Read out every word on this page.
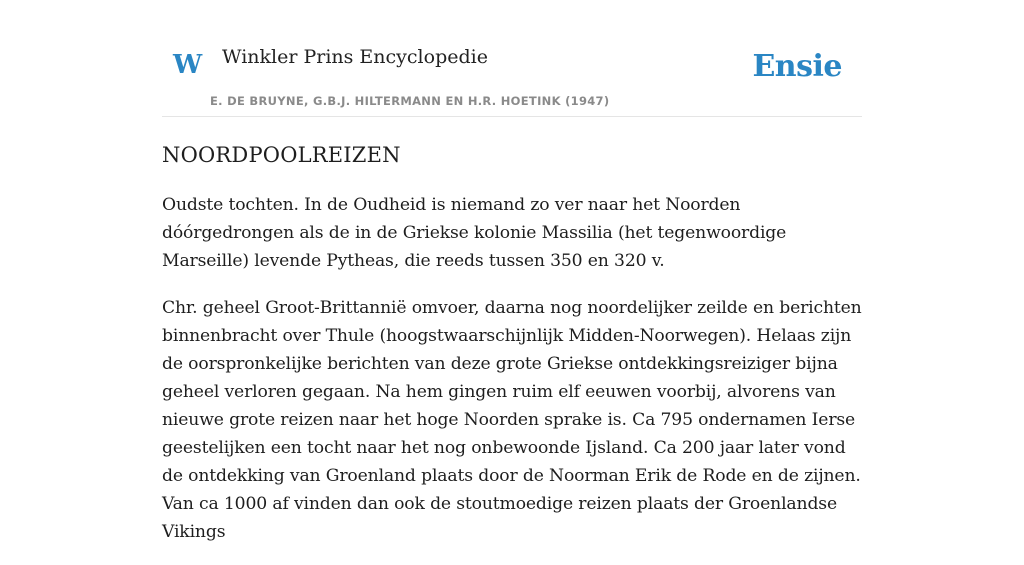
W Winkler Prins Encyclopedie
E. DE BRUYNE, G.B.J. HILTERMANN EN H.R. HOETINK (1947)
Ensie
NOORDPOOLREIZEN

Oudste tochten. In de Oudheid is niemand zo ver naar het Noorden dóórgedrongen als de in de Griekse kolonie Massilia (het tegenwoordige Marseille) levende Pytheas, die reeds tussen 350 en 320 v.

Chr. geheel Groot-Brittannië omvoer, daarna nog noordelijker zeilde en berichten binnenbracht over Thule (hoogstwaarschijnlijk Midden-Noorwegen). Helaas zijn de oorspronkelijke berichten van deze grote Griekse ontdekkingsreiziger bijna geheel verloren gegaan. Na hem gingen ruim elf eeuwen voorbij, alvorens van nieuwe grote reizen naar het hoge Noorden sprake is. Ca 795 ondernamen Ierse geestelijken een tocht naar het nog onbewoonde Ijsland. Ca 200 jaar later vond de ontdekking van Groenland plaats door de Noorman Erik de Rode en de zijnen. Van ca 1000 af vinden dan ook de stoutmoedige reizen plaats der Groenlandse Vikings
